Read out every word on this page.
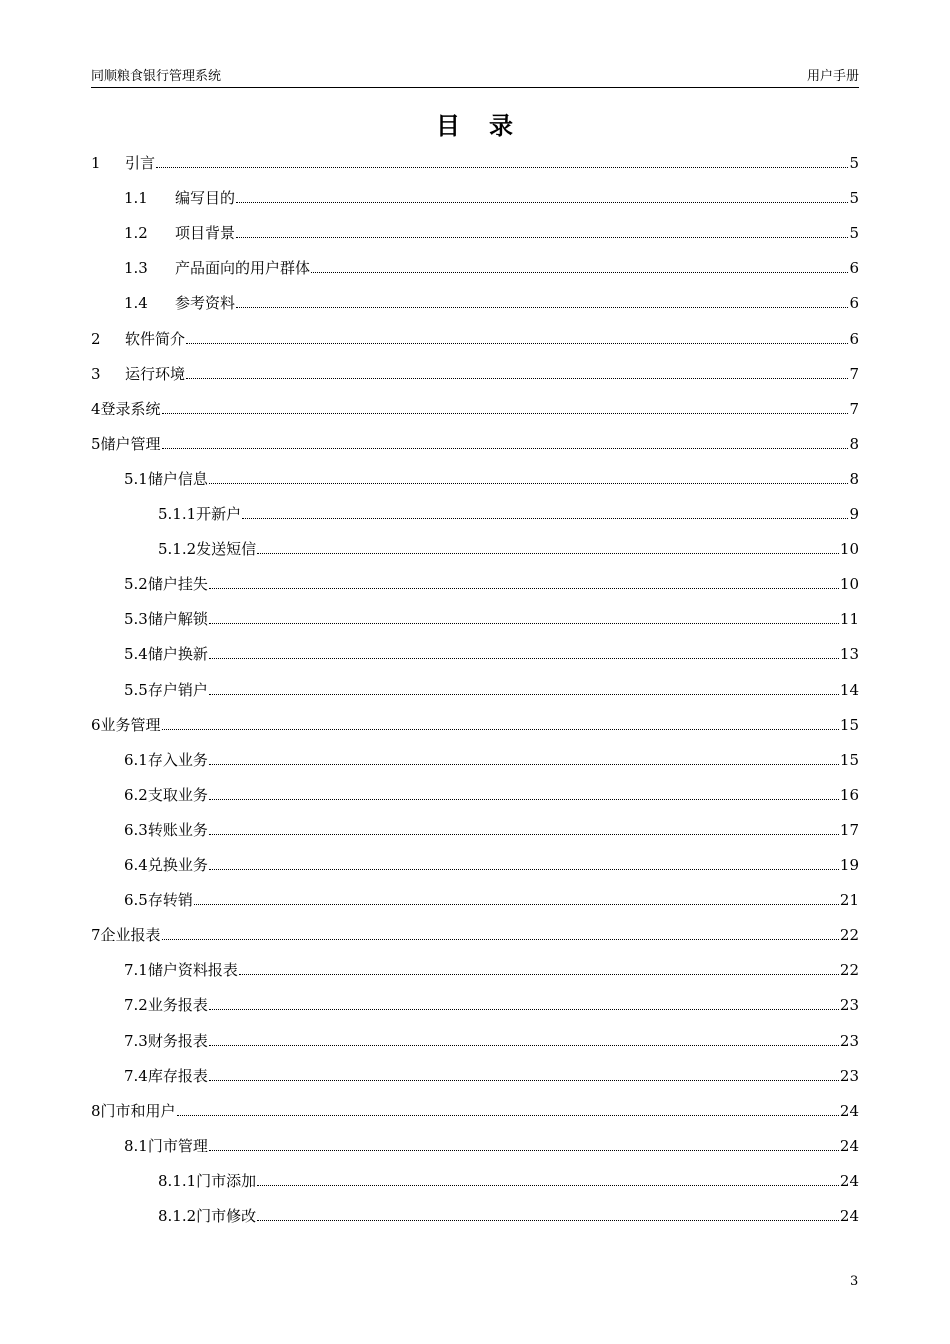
同顺粮食银行管理系统	用户手册
目 录
1	引言	5
1.1	编写目的	5
1.2	项目背景	5
1.3	产品面向的用户群体	6
1.4	参考资料	6
2	软件简介	6
3	运行环境	7
4 登录系统	7
5 储户管理	8
5.1 储户信息	8
5.1.1 开新户	9
5.1.2 发送短信	10
5.2 储户挂失	10
5.3 储户解锁	11
5.4 储户换新	13
5.5 存户销户	14
6 业务管理	15
6.1 存入业务	15
6.2 支取业务	16
6.3 转账业务	17
6.4 兑换业务	19
6.5 存转销	21
7 企业报表	22
7.1 储户资料报表	22
7.2 业务报表	23
7.3 财务报表	23
7.4 库存报表	23
8 门市和用户	24
8.1 门市管理	24
8.1.1 门市添加	24
8.1.2 门市修改	24
3
